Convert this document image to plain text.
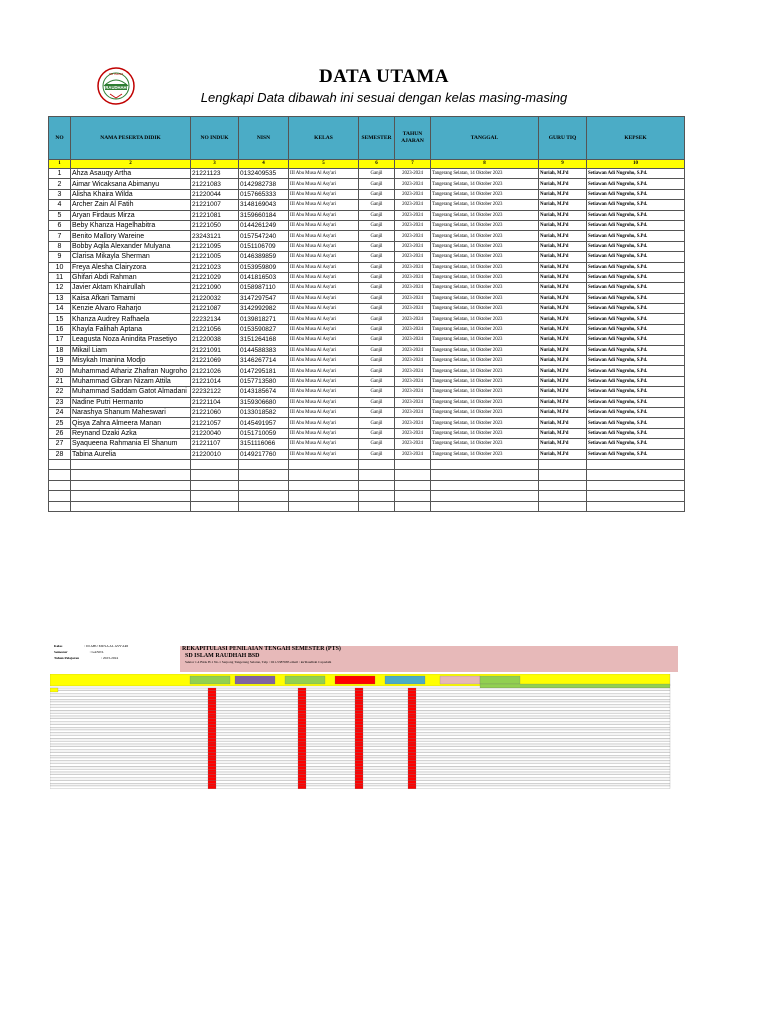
RAUDHAH
SD ISLAM	DATA UTAMA

Lengkapi Data dibawah ini sesuai dengan kelas masing-masing

NO	NAMA PESERTA DIDIK	NO INDUK	NISN	KELAS	SEMESTER	TAHUN AJARAN	TANGGAL	GURU TIQ	KEPSEK
1	2	3	4	5	6	7	8	9	10
1	Ahza Asauqy Artha	21221123	0132409535	III Abu Musa Al Asy'ari	Ganjil	2023-2024	Tangerang Selatan, 14 Oktober 2023	Nuriah, M.Pd	Setiawan Adi Nugroho, S.Pd.
2	Aimar Wicaksana Abimanyu	21221083	0142982738	III Abu Musa Al Asy'ari	Ganjil	2023-2024	Tangerang Selatan, 14 Oktober 2023	Nuriah, M.Pd	Setiawan Adi Nugroho, S.Pd.
3	Alisha Khaira Wilda	21220044	0157665333	III Abu Musa Al Asy'ari	Ganjil	2023-2024	Tangerang Selatan, 14 Oktober 2023	Nuriah, M.Pd	Setiawan Adi Nugroho, S.Pd.
4	Archer Zain Al Fatih	21221007	3148169043	III Abu Musa Al Asy'ari	Ganjil	2023-2024	Tangerang Selatan, 14 Oktober 2023	Nuriah, M.Pd	Setiawan Adi Nugroho, S.Pd.
5	Aryan Firdaus Mirza	21221081	3159660184	III Abu Musa Al Asy'ari	Ganjil	2023-2024	Tangerang Selatan, 14 Oktober 2023	Nuriah, M.Pd	Setiawan Adi Nugroho, S.Pd.
6	Beby Khanza Hagelhabitra	21221050	0144261249	III Abu Musa Al Asy'ari	Ganjil	2023-2024	Tangerang Selatan, 14 Oktober 2023	Nuriah, M.Pd	Setiawan Adi Nugroho, S.Pd.
7	Benito Mallory Wareine	23243121	0157547240	III Abu Musa Al Asy'ari	Ganjil	2023-2024	Tangerang Selatan, 14 Oktober 2023	Nuriah, M.Pd	Setiawan Adi Nugroho, S.Pd.
8	Bobby Aqila Alexander Mulyana	21221095	0151106709	III Abu Musa Al Asy'ari	Ganjil	2023-2024	Tangerang Selatan, 14 Oktober 2023	Nuriah, M.Pd	Setiawan Adi Nugroho, S.Pd.
9	Clarisa Mikayla Sherman	21221005	0146389859	III Abu Musa Al Asy'ari	Ganjil	2023-2024	Tangerang Selatan, 14 Oktober 2023	Nuriah, M.Pd	Setiawan Adi Nugroho, S.Pd.
10	Freya Alesha Clairyzora	21221023	0153959809	III Abu Musa Al Asy'ari	Ganjil	2023-2024	Tangerang Selatan, 14 Oktober 2023	Nuriah, M.Pd	Setiawan Adi Nugroho, S.Pd.
11	Ghifari Abdi Rahman	21221029	0141816503	III Abu Musa Al Asy'ari	Ganjil	2023-2024	Tangerang Selatan, 14 Oktober 2023	Nuriah, M.Pd	Setiawan Adi Nugroho, S.Pd.
12	Javier Aktam Khairullah	21221090	0158987110	III Abu Musa Al Asy'ari	Ganjil	2023-2024	Tangerang Selatan, 14 Oktober 2023	Nuriah, M.Pd	Setiawan Adi Nugroho, S.Pd.
13	Kaisa Afkari Tamami	21220032	3147297547	III Abu Musa Al Asy'ari	Ganjil	2023-2024	Tangerang Selatan, 14 Oktober 2023	Nuriah, M.Pd	Setiawan Adi Nugroho, S.Pd.
14	Kenzie Alvaro Raharjo	21221087	3142992982	III Abu Musa Al Asy'ari	Ganjil	2023-2024	Tangerang Selatan, 14 Oktober 2023	Nuriah, M.Pd	Setiawan Adi Nugroho, S.Pd.
15	Khanza Audrey Rafhaela	22232134	0139818271	III Abu Musa Al Asy'ari	Ganjil	2023-2024	Tangerang Selatan, 14 Oktober 2023	Nuriah, M.Pd	Setiawan Adi Nugroho, S.Pd.
16	Khayla Falihah Aptana	21221056	0153590827	III Abu Musa Al Asy'ari	Ganjil	2023-2024	Tangerang Selatan, 14 Oktober 2023	Nuriah, M.Pd	Setiawan Adi Nugroho, S.Pd.
17	Leagusta Noza Anindita Prasetiyo	21220038	3151264168	III Abu Musa Al Asy'ari	Ganjil	2023-2024	Tangerang Selatan, 14 Oktober 2023	Nuriah, M.Pd	Setiawan Adi Nugroho, S.Pd.
18	Mikail Liam	21221091	0144588383	III Abu Musa Al Asy'ari	Ganjil	2023-2024	Tangerang Selatan, 14 Oktober 2023	Nuriah, M.Pd	Setiawan Adi Nugroho, S.Pd.
19	Misykah Imanina Modjo	21221069	3146267714	III Abu Musa Al Asy'ari	Ganjil	2023-2024	Tangerang Selatan, 14 Oktober 2023	Nuriah, M.Pd	Setiawan Adi Nugroho, S.Pd.
20	Muhammad Athariz Zhafran Nugroho	21221026	0147295181	III Abu Musa Al Asy'ari	Ganjil	2023-2024	Tangerang Selatan, 14 Oktober 2023	Nuriah, M.Pd	Setiawan Adi Nugroho, S.Pd.
21	Muhammad Gibran Nizam Attila	21221014	0157713580	III Abu Musa Al Asy'ari	Ganjil	2023-2024	Tangerang Selatan, 14 Oktober 2023	Nuriah, M.Pd	Setiawan Adi Nugroho, S.Pd.
22	Muhammad Saddam Gatot Almadani	22232122	0143185674	III Abu Musa Al Asy'ari	Ganjil	2023-2024	Tangerang Selatan, 14 Oktober 2023	Nuriah, M.Pd	Setiawan Adi Nugroho, S.Pd.
23	Nadine Putri Hermanto	21221104	3159306680	III Abu Musa Al Asy'ari	Ganjil	2023-2024	Tangerang Selatan, 14 Oktober 2023	Nuriah, M.Pd	Setiawan Adi Nugroho, S.Pd.
24	Narashya Shanum Maheswari	21221060	0133018582	III Abu Musa Al Asy'ari	Ganjil	2023-2024	Tangerang Selatan, 14 Oktober 2023	Nuriah, M.Pd	Setiawan Adi Nugroho, S.Pd.
25	Qisya Zahra Almeera Manan	21221057	0145491957	III Abu Musa Al Asy'ari	Ganjil	2023-2024	Tangerang Selatan, 14 Oktober 2023	Nuriah, M.Pd	Setiawan Adi Nugroho, S.Pd.
26	Reynand Dzaki Azka	21220040	0151710059	III Abu Musa Al Asy'ari	Ganjil	2023-2024	Tangerang Selatan, 14 Oktober 2023	Nuriah, M.Pd	Setiawan Adi Nugroho, S.Pd.
27	Syaqueena Rahmania El Shanum	21221107	3151116066	III Abu Musa Al Asy'ari	Ganjil	2023-2024	Tangerang Selatan, 14 Oktober 2023	Nuriah, M.Pd	Setiawan Adi Nugroho, S.Pd.
28	Tabina Aurelia	21220010	0149217760	III Abu Musa Al Asy'ari	Ganjil	2023-2024	Tangerang Selatan, 14 Oktober 2023	Nuriah, M.Pd	Setiawan Adi Nugroho, S.Pd.

Kelas	: III ABU MUSA AL ASY'ARI
Semester	: GANJIL
Tahun Pelajaran	: 2023-2024
REKAPITULASI PENILAIAN TENGAH SEMESTER (PTS)
SD ISLAM RAUDHAH BSD
Sektor 1.4 Blok H.1 No.1 Serpong Tangerang Selatan, Telp : 021-5387685 email : ku'Raudhah Capadahi
